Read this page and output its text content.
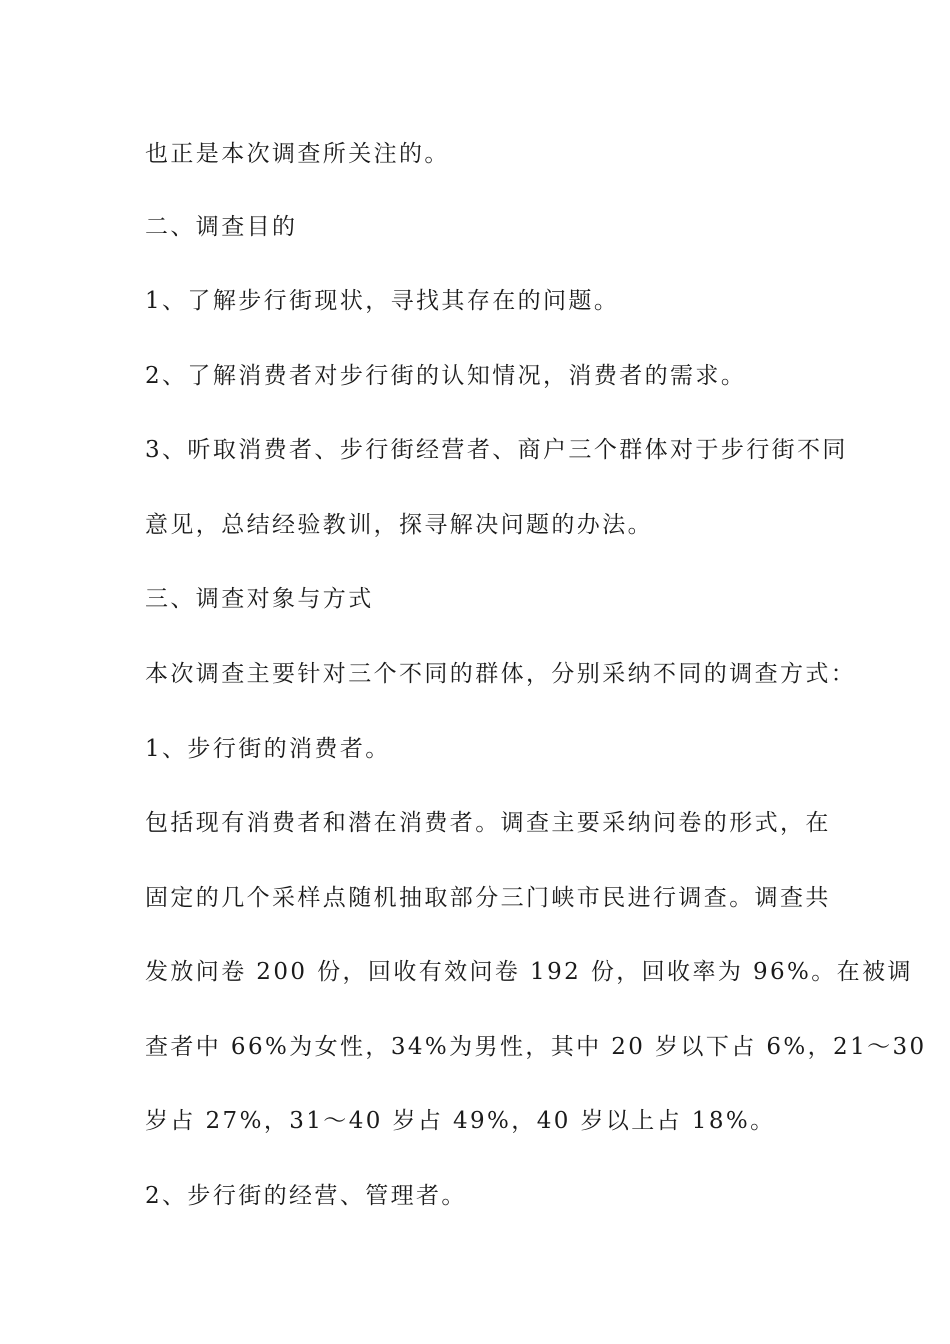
也正是本次调查所关注的。
二、调查目的
1、了解步行街现状，寻找其存在的问题。
2、了解消费者对步行街的认知情况，消费者的需求。
3、听取消费者、步行街经营者、商户三个群体对于步行街不同
意见，总结经验教训，探寻解决问题的办法。
三、调查对象与方式
本次调查主要针对三个不同的群体，分别采纳不同的调查方式：
1、步行街的消费者。
包括现有消费者和潜在消费者。调查主要采纳问卷的形式，在
固定的几个采样点随机抽取部分三门峡市民进行调查。调查共
发放问卷 200 份，回收有效问卷 192 份，回收率为 96%。在被调
查者中 66%为女性，34%为男性，其中 20 岁以下占 6%，21～30
岁占 27%，31～40 岁占 49%，40 岁以上占 18%。
2、步行街的经营、管理者。
